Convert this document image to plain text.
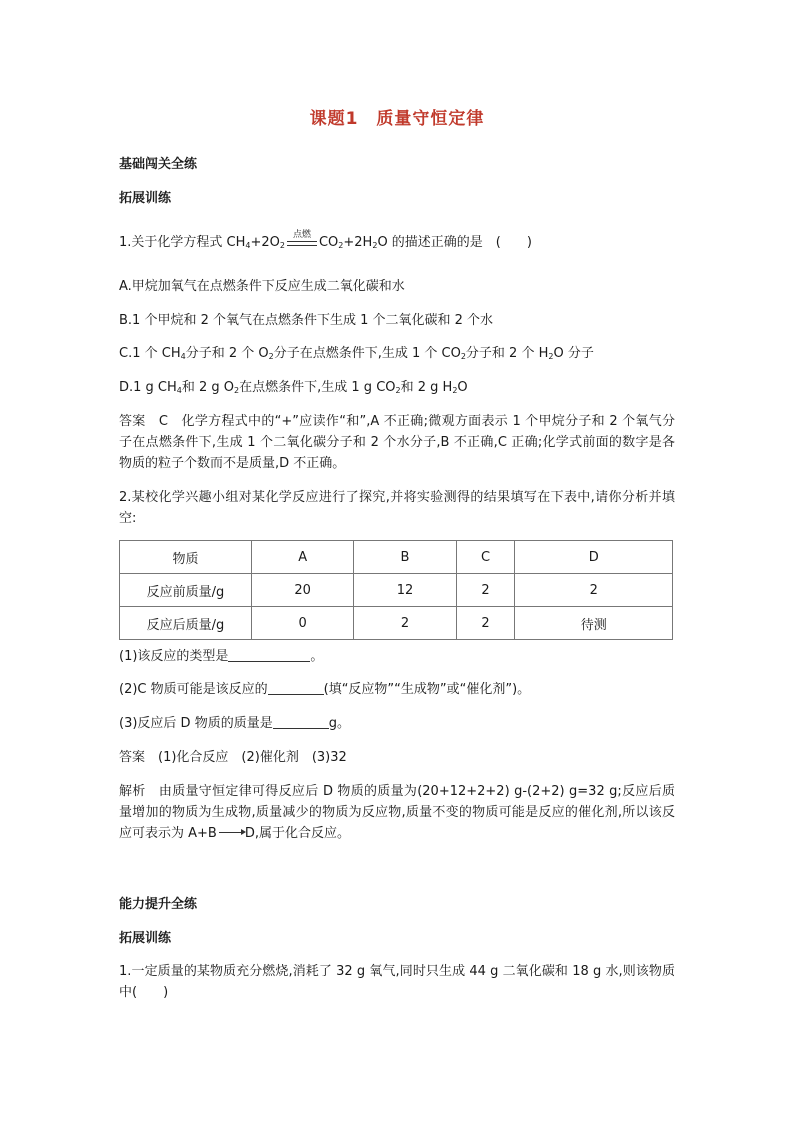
课题1 质量守恒定律
基础闯关全练
拓展训练
1.关于化学方程式 $CH_4+2O_2$
点燃 $CO_2+2H_2O$ 的描述正确的是　(　　)
A.甲烷加氧气在点燃条件下反应生成二氧化碳和水
B.1 个甲烷和 2 个氧气在点燃条件下生成 1 个二氧化碳和 2 个水
C.1 个 $CH_4$分子和 2 个 $O_2$分子在点燃条件下,生成 1 个 $CO_2$分子和 2 个 $H_2O$ 分子
D.1 g $CH_4$和 2 g $O_2$在点燃条件下,生成 1 g $CO_2$和 2 g $H_2O$
答案　C　化学方程式中的“+”应读作“和”,A 不正确;微观方面表示 1 个甲烷分子和 2 个氧气分子在点燃条件下,生成 1 个二氧化碳分子和 2 个水分子,B 不正确,C 正确;化学式前面的数字是各物质的粒子个数而不是质量,D 不正确。
2.某校化学兴趣小组对某化学反应进行了探究,并将实验测得的结果填写在下表中,请你分析并填空:
物质	A	B	C	D
反应前质量/g	20	12	2	2
反应后质量/g	0	2	2	待测
(1)该反应的类型是	。
(2)C 物质可能是该反应的	(填“反应物”“生成物”或“催化剂”)。
(3)反应后 D 物质的质量是	g。
答案　(1)化合反应　(2)催化剂　(3)32
解析　由质量守恒定律可得反应后 D 物质的质量为(20+12+2+2) g-(2+2) g=32 g;反应后质量增加的物质为生成物,质量减少的物质为反应物,质量不变的物质可能是反应的催化剂,所以该反应可表示为 A+B D,属于化合反应。
能力提升全练
拓展训练
1.一定质量的某物质充分燃烧,消耗了 32 g 氧气,同时只生成 44 g 二氧化碳和 18 g 水,则该物质中(　　)
